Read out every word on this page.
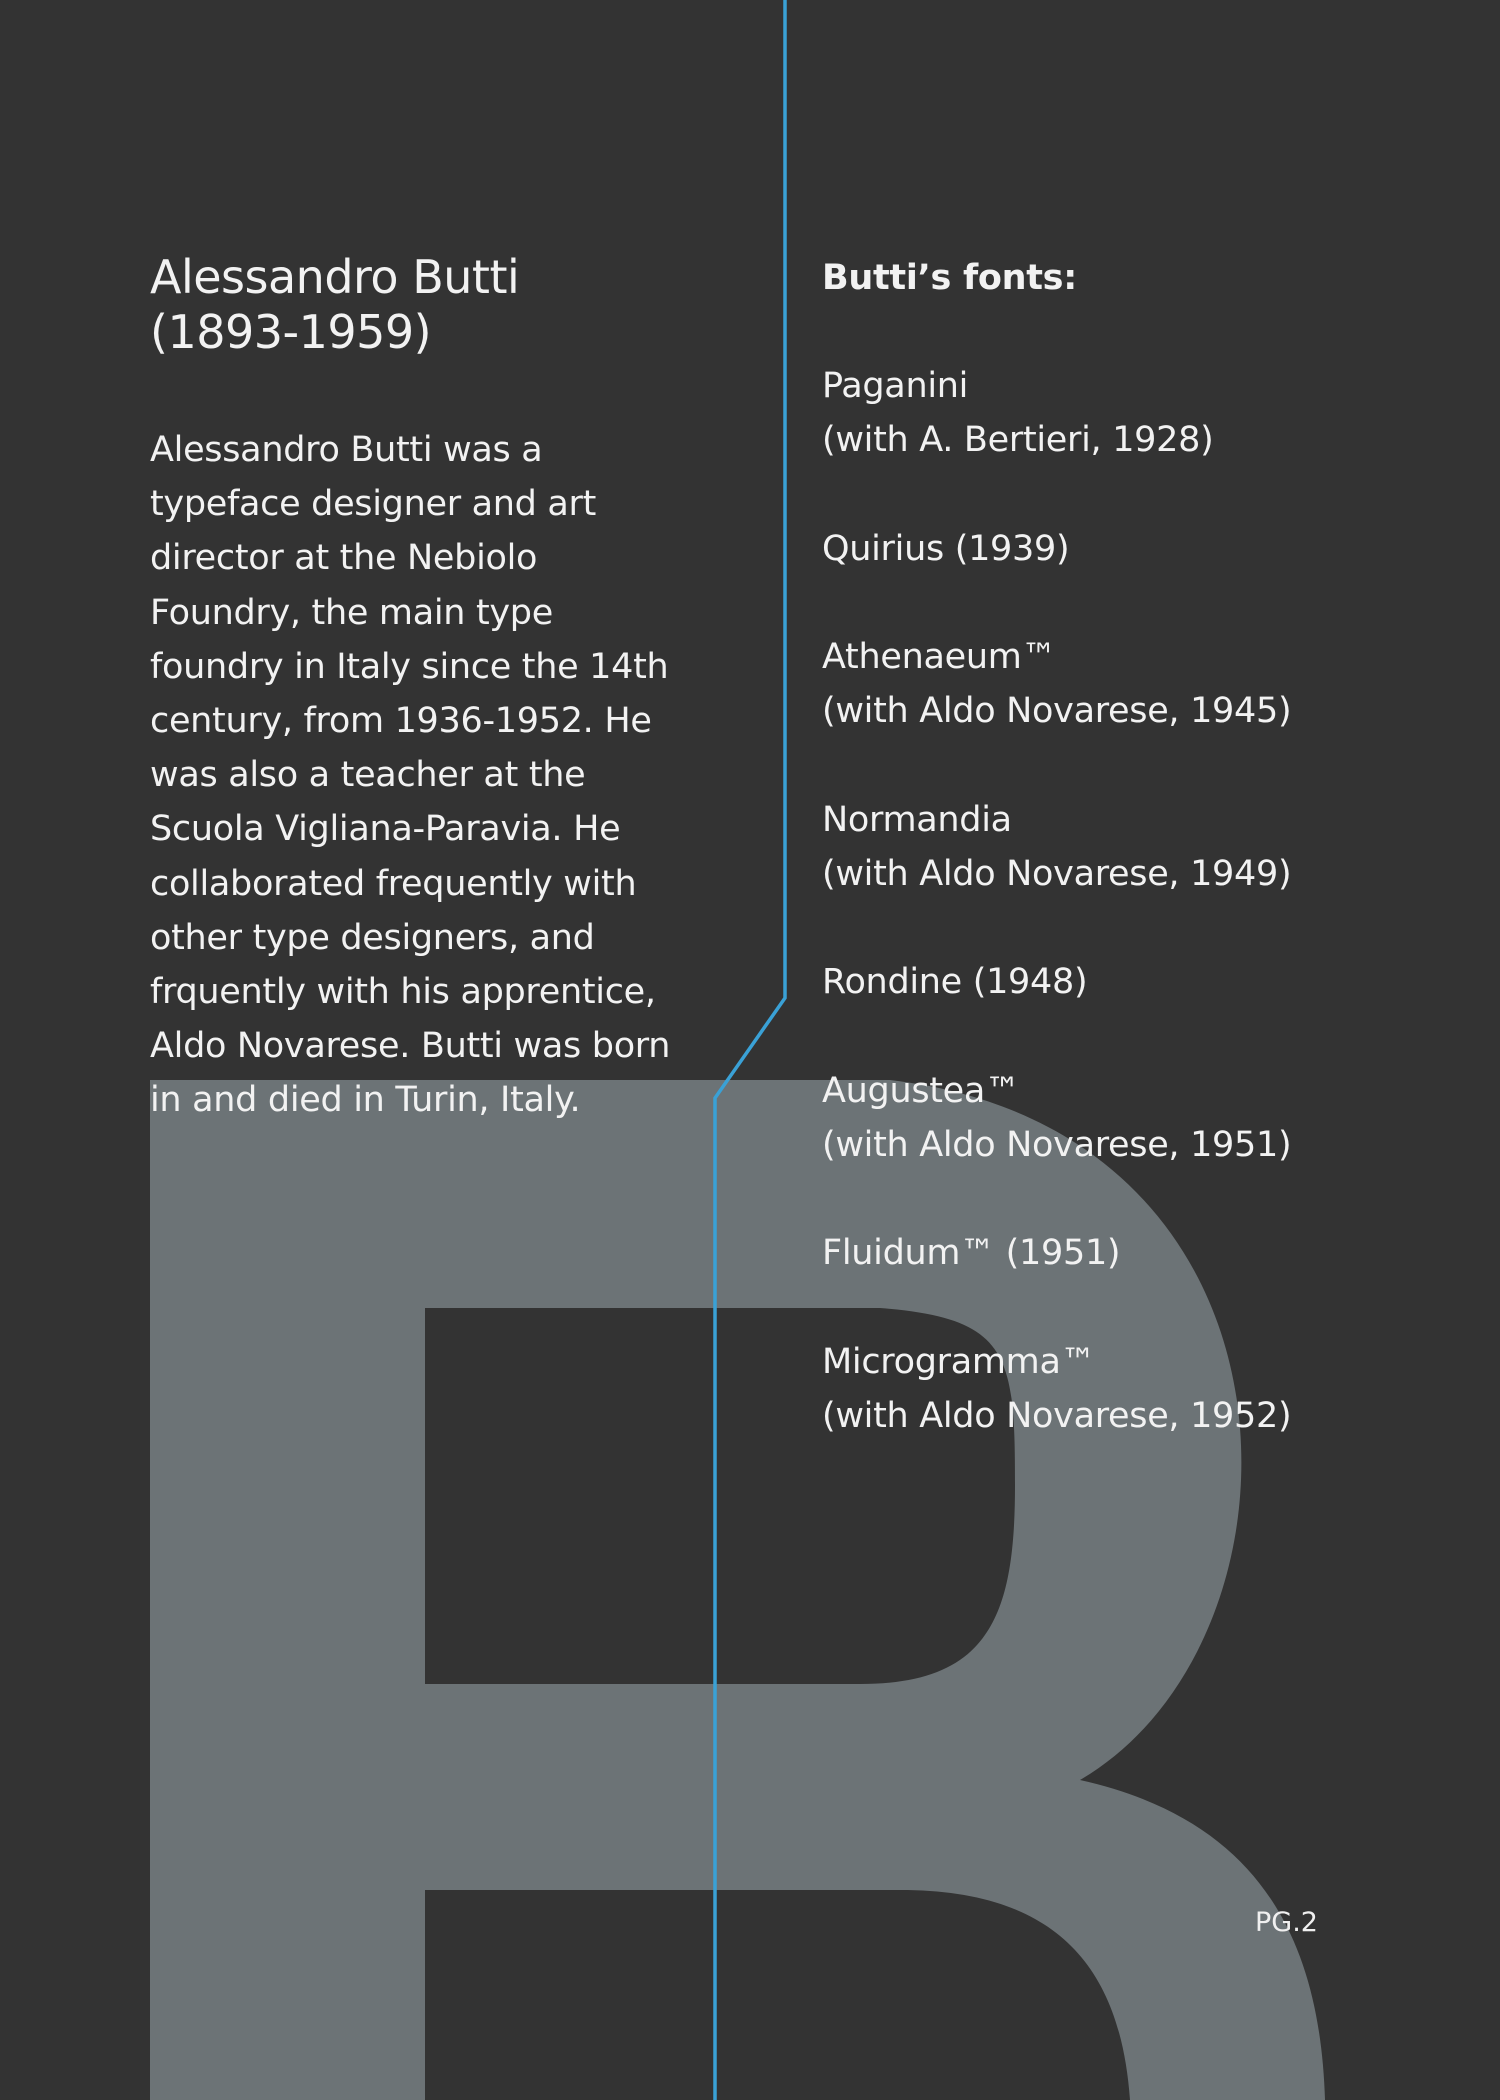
Alessandro Butti
(1893-1959)

Alessandro Butti was a typeface designer and art director at the Nebiolo Foundry, the main type foundry in Italy since the 14th century, from 1936-1952. He was also a teacher at the Scuola Vigliana-Paravia. He collaborated frequently with other type designers, and frquently with his apprentice, Aldo Novarese. Butti was born in and died in Turin, Italy.

Butti’s fonts:
Paganini
(with A. Bertieri, 1928)
Quirius (1939)
Athenaeum™
(with Aldo Novarese, 1945)
Normandia
(with Aldo Novarese, 1949)
Rondine (1948)
Augustea™
(with Aldo Novarese, 1951)
Fluidum™ (1951)
Microgramma™
(with Aldo Novarese, 1952)
PG.2
